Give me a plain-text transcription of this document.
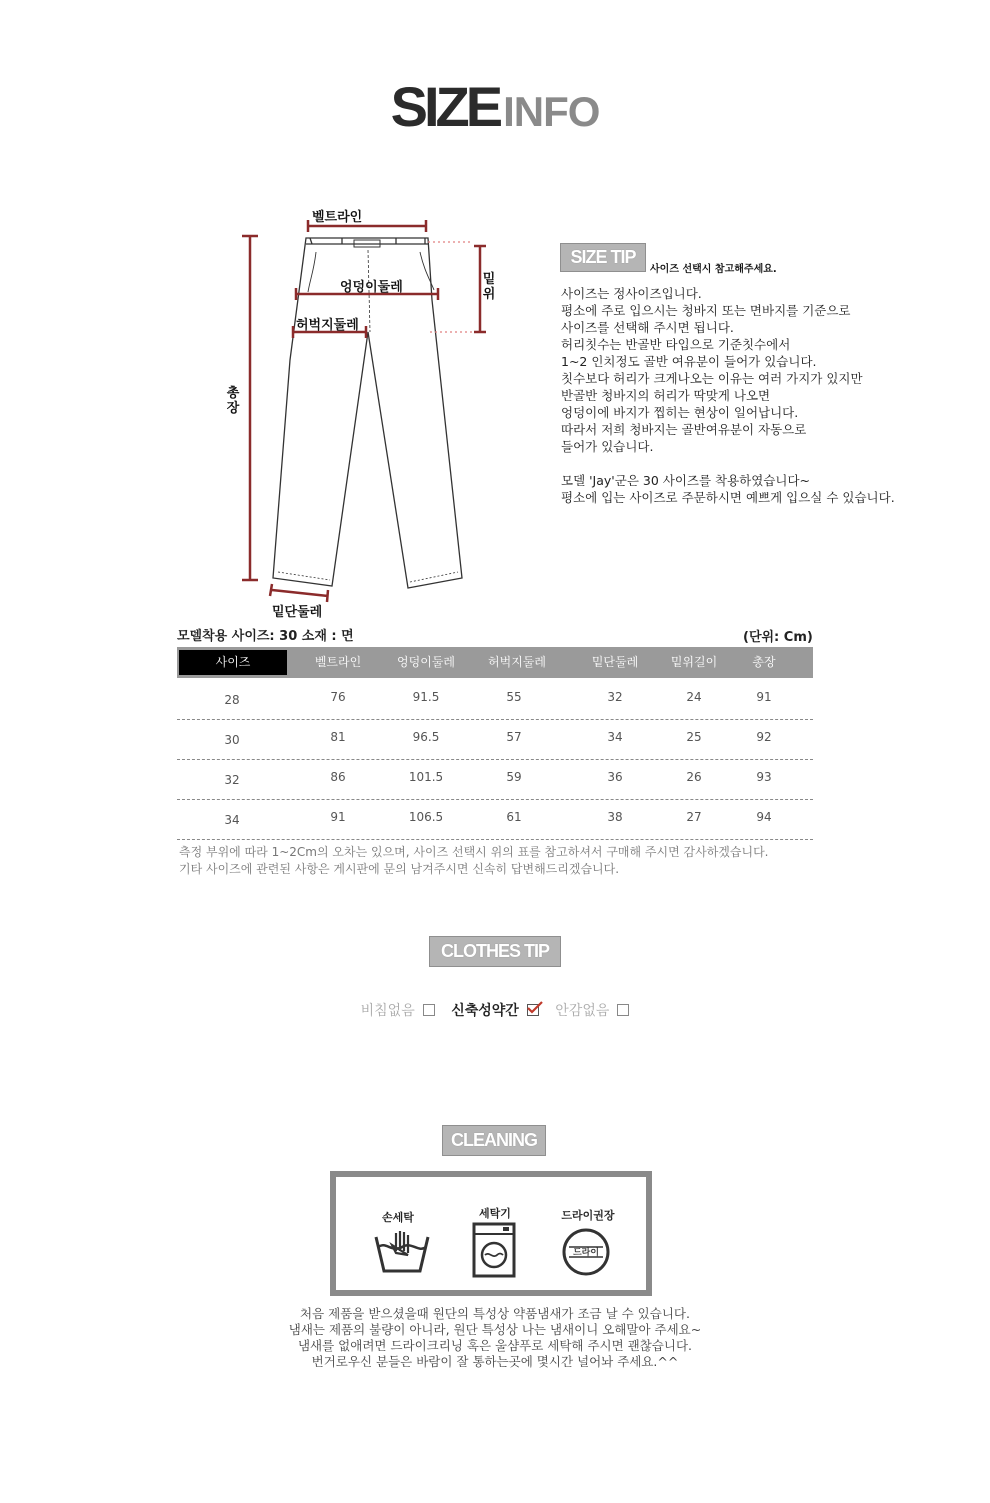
SIZEINFO
벨트라인
엉덩이둘레
허벅지둘레
밑위
총장
밑단둘레
SIZE TIP
사이즈 선택시 참고해주세요.
사이즈는 정사이즈입니다.
평소에 주로 입으시는 청바지 또는 면바지를 기준으로
사이즈를 선택해 주시면 됩니다.
허리칫수는 반골반 타입으로 기준칫수에서
1~2 인치정도 골반 여유분이 들어가 있습니다.
칫수보다 허리가 크게나오는 이유는 여러 가지가 있지만
반골반 청바지의 허리가 딱맞게 나오면
엉덩이에 바지가 찝히는 현상이 일어납니다.
따라서 저희 청바지는 골반여유분이 자동으로
들어가 있습니다.
모델 'Jay'군은 30 사이즈를 착용하였습니다~
평소에 입는 사이즈로 주문하시면 예쁘게 입으실 수 있습니다.
모델착용 사이즈: 30 소재 : 면	(단위: Cm)
사이즈	벨트라인	엉덩이둘레	허벅지둘레	밑단둘레	밑위길이	총장
28	76	91.5	55	32	24	91
30	81	96.5	57	34	25	92
32	86	101.5	59	36	26	93
34	91	106.5	61	38	27	94
측정 부위에 따라 1~2Cm의 오차는 있으며, 사이즈 선택시 위의 표를 참고하셔서 구매해 주시면 감사하겠습니다.
기타 사이즈에 관련된 사항은 게시판에 문의 남겨주시면 신속히 답변해드리겠습니다.
CLOTHES TIP
비침없음	신축성약간	안감없음
CLEANING
손세탁	세탁기	드라이권장
드라이
처음 제품을 받으셨을때 원단의 특성상 약품냄새가 조금 날 수 있습니다.
냄새는 제품의 불량이 아니라, 원단 특성상 나는 냄새이니 오해말아 주세요~
냄새를 없애려면 드라이크리닝 혹은 울샴푸로 세탁해 주시면 괜찮습니다.
번거로우신 분들은 바람이 잘 통하는곳에 몇시간 널어놔 주세요.^^
